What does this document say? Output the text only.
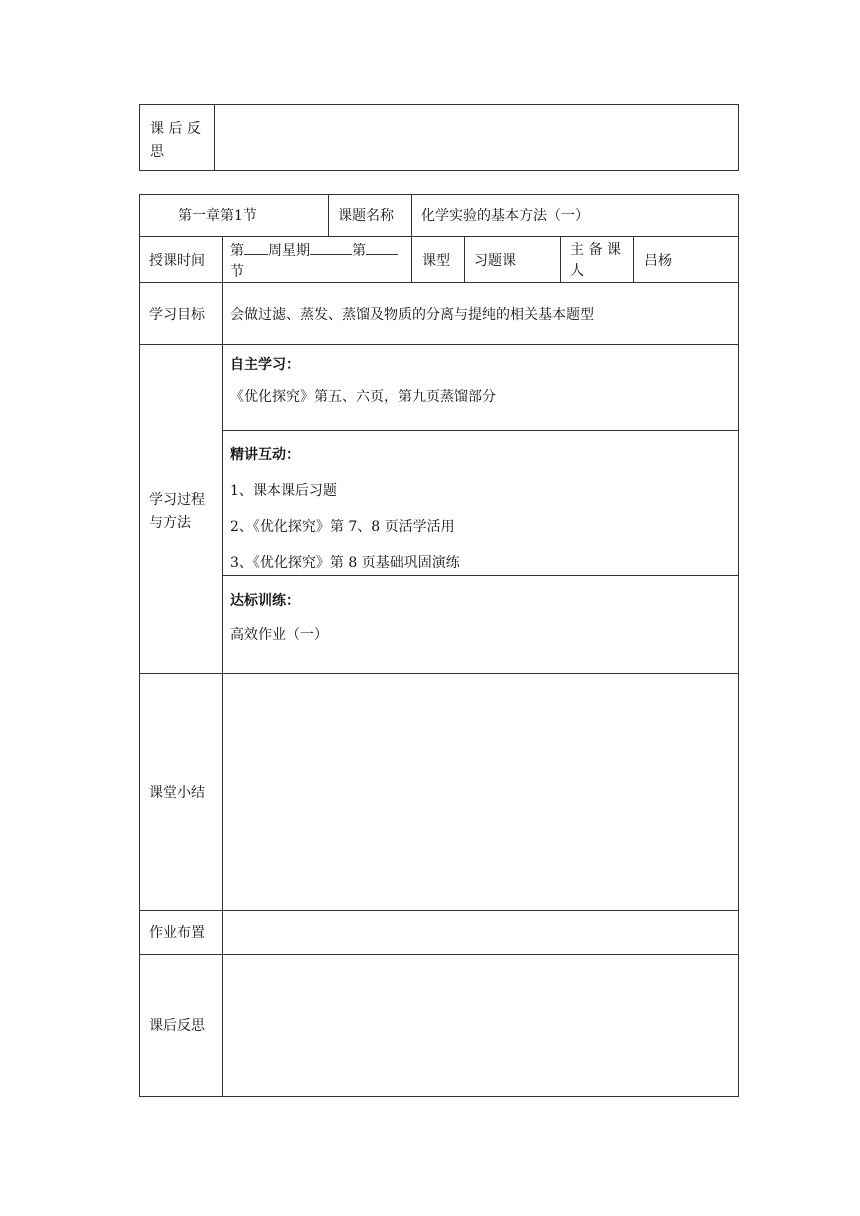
课 后 反
思
第一章第1节	课题名称 化学实验的基本方法（一）
授课时间
第 周星期	第
节
课型 习题课
主 备 课
人
吕杨
学习目标 会做过滤、蒸发、蒸馏及物质的分离与提纯的相关基本题型
学习过程
与方法
自主学习：
《优化探究》第五、六页，第九页蒸馏部分
精讲互动：
1、课本课后习题
2、《优化探究》第 7、8 页活学活用
3、《优化探究》第 8 页基础巩固演练
达标训练：
高效作业（一）
课堂小结
作业布置
课后反思
